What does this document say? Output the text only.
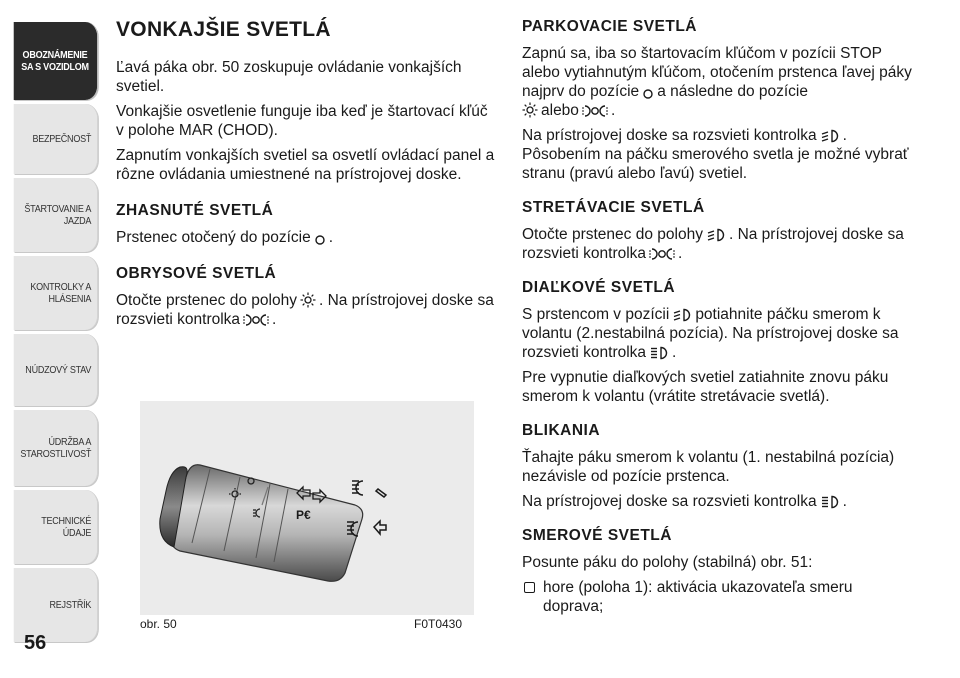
OBOZNÁMENIE
SA S VOZIDLOM
BEZPEČNOSŤ
ŠTARTOVANIE A
JAZDA
KONTROLKY A
HLÁSENIA
NÚDZOVÝ STAV
ÚDRŽBA A
STAROSTLIVOSŤ
TECHNICKÉ ÚDAJE
REJSTŘÍK
56
VONKAJŠIE SVETLÁ

Ľavá páka obr. 50 zoskupuje ovládanie vonkajších svetiel.

Vonkajšie osvetlenie funguje iba keď je štartovací kľúč v polohe MAR (CHOD).

Zapnutím vonkajších svetiel sa osvetlí ovládací panel a rôzne ovládania umiestnené na prístrojovej doske.

ZHASNUTÉ SVETLÁ

Prstenec otočený do pozície .

OBRYSOVÉ SVETLÁ

Otočte prstenec do polohy . Na prístrojovej doske sa rozsvieti kontrolka .

P€
obr. 50	F0T0430
PARKOVACIE SVETLÁ

Zapnú sa, iba so štartovacím kľúčom v pozícii STOP alebo vytiahnutým kľúčom, otočením prstenca ľavej páky najprv do pozície a následne do pozície
alebo .

Na prístrojovej doske sa rozsvieti kontrolka .
Pôsobením na páčku smerového svetla je možné vybrať stranu (pravú alebo ľavú) svetiel.

STRETÁVACIE SVETLÁ

Otočte prstenec do polohy . Na prístrojovej doske sa rozsvieti kontrolka .

DIAĽKOVÉ SVETLÁ

S prstencom v pozícii potiahnite páčku smerom k volantu (2.nestabilná pozícia). Na prístrojovej doske sa rozsvieti kontrolka .

Pre vypnutie diaľkových svetiel zatiahnite znovu páku smerom k volantu (vrátite stretávacie svetlá).

BLIKANIA

Ťahajte páku smerom k volantu (1. nestabilná pozícia) nezávisle od pozície prstenca.

Na prístrojovej doske sa rozsvieti kontrolka .

SMEROVÉ SVETLÁ

Posunte páku do polohy (stabilná) obr. 51:

hore (poloha 1): aktivácia ukazovateľa smeru doprava;
